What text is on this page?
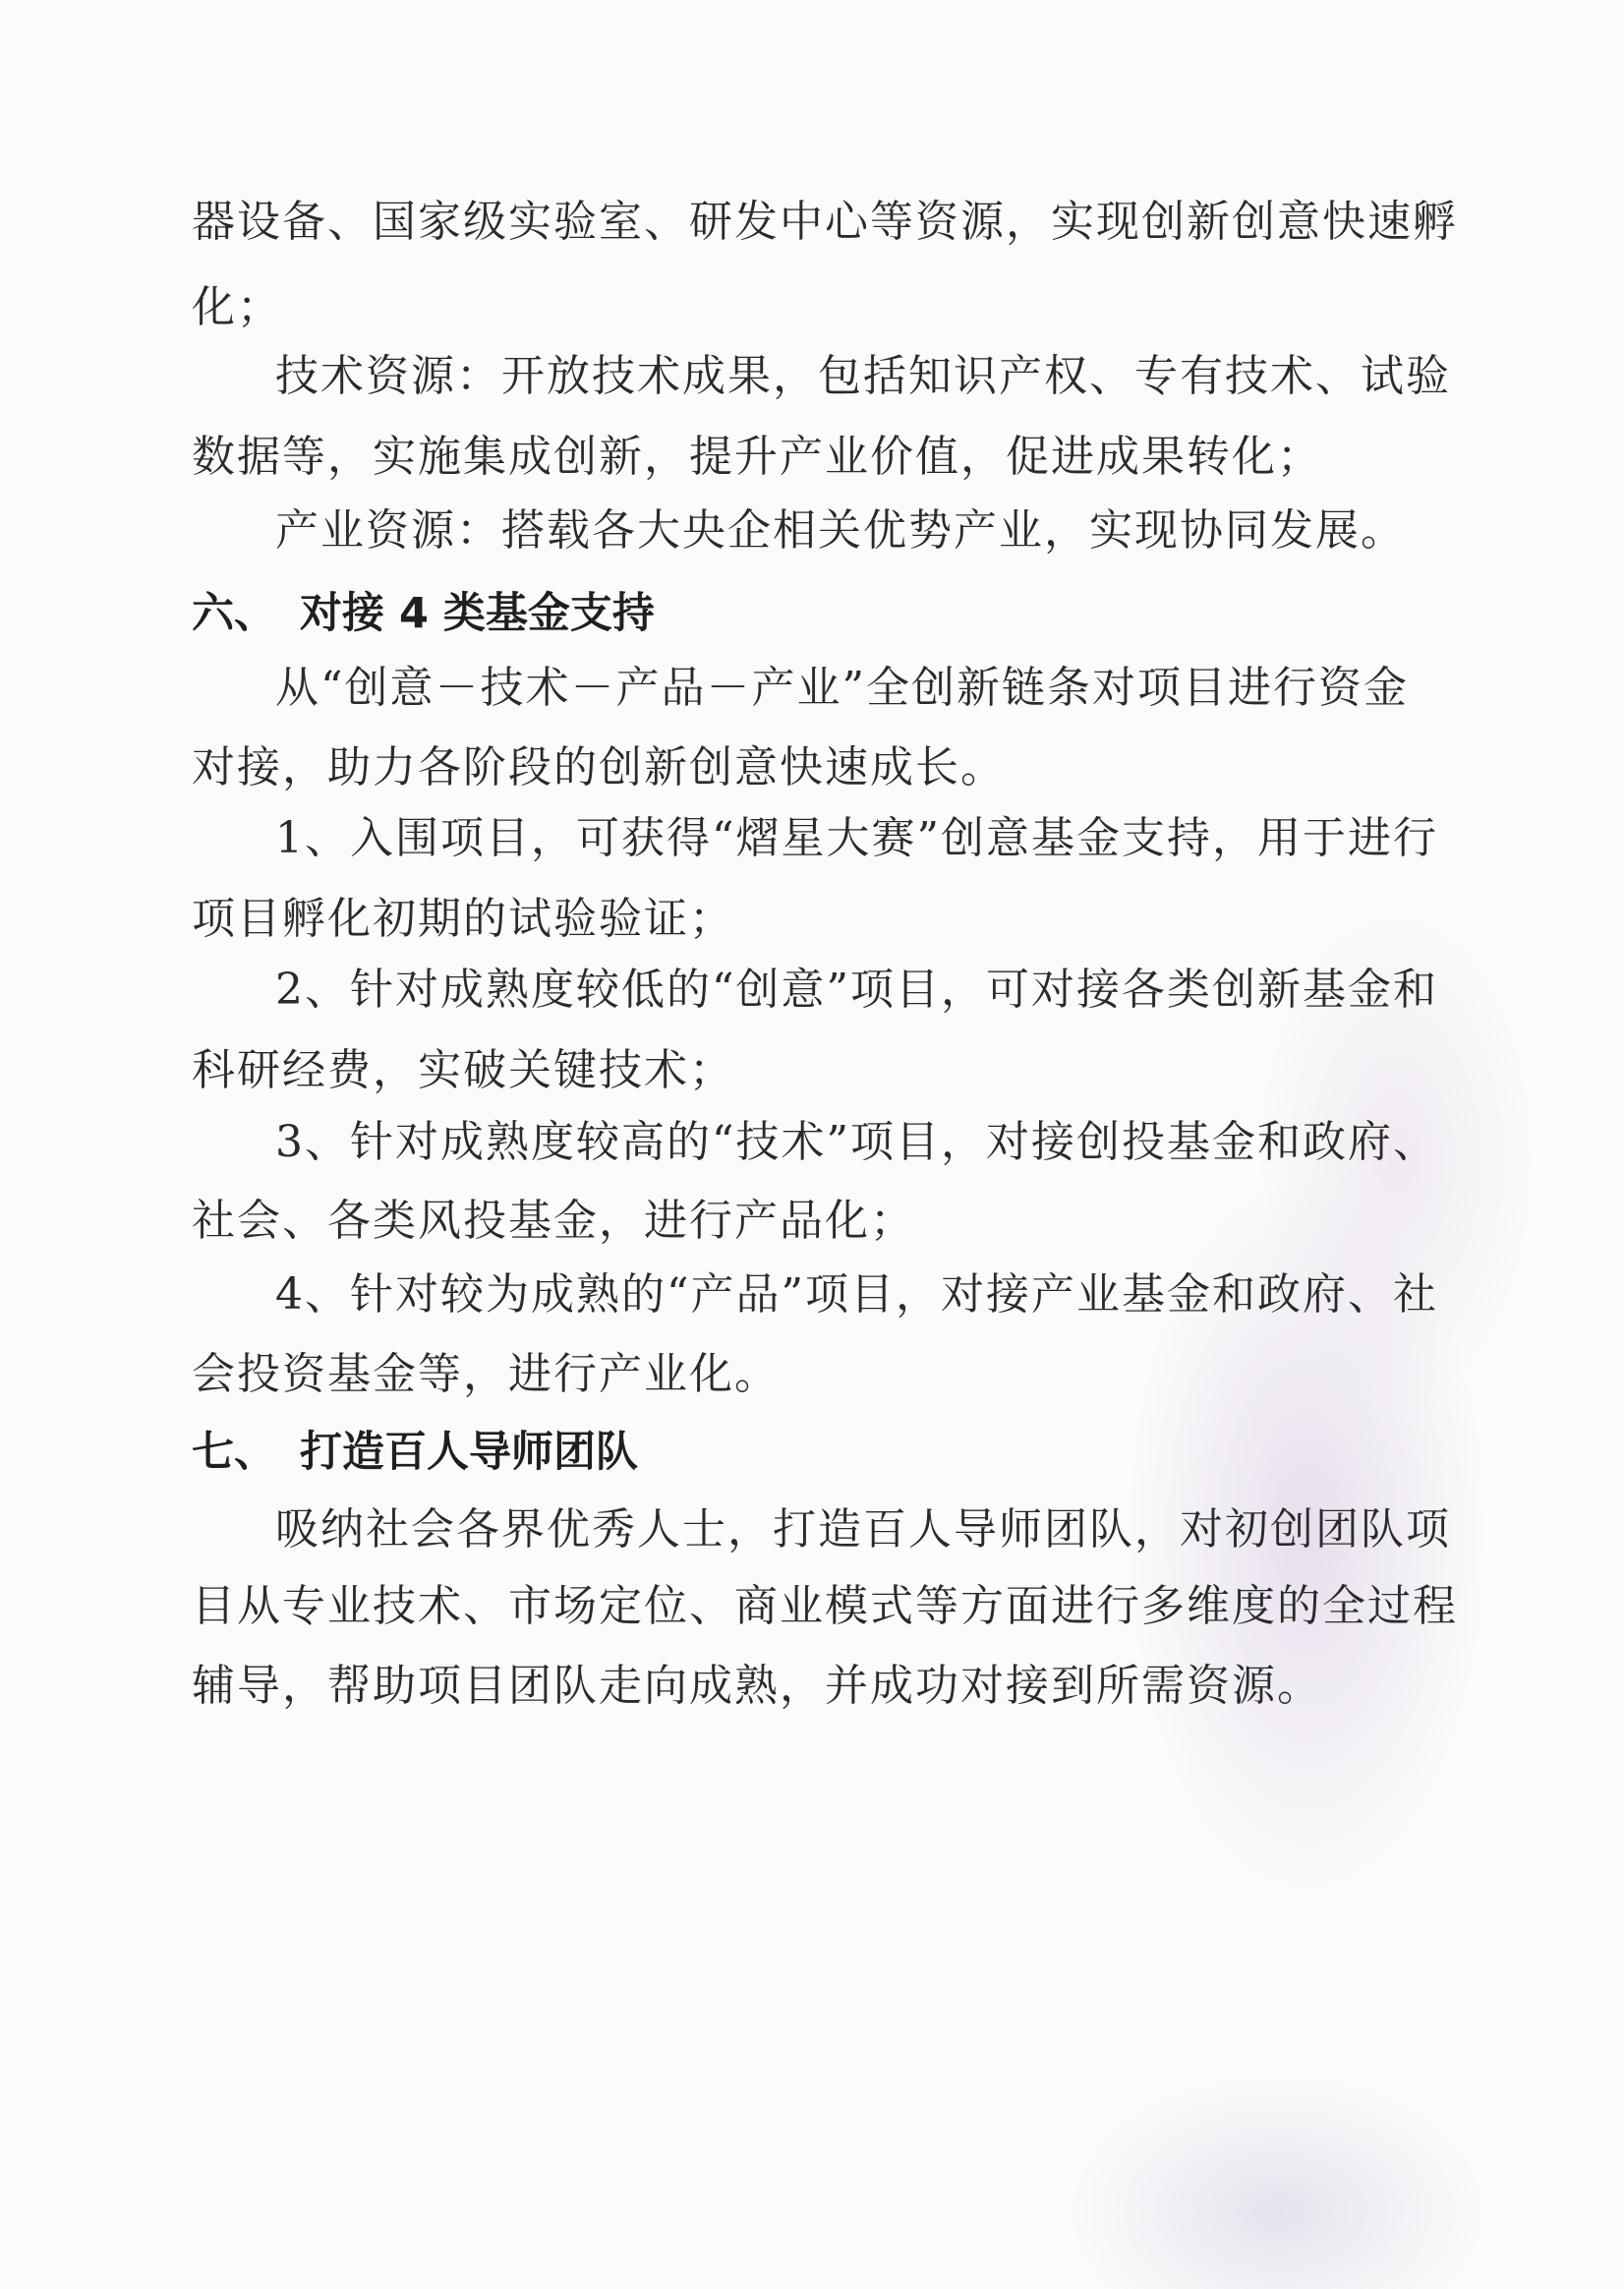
器设备、国家级实验室、研发中心等资源，实现创新创意快速孵
化；
技术资源：开放技术成果，包括知识产权、专有技术、试验
数据等，实施集成创新，提升产业价值，促进成果转化；
产业资源：搭载各大央企相关优势产业，实现协同发展。
六、 对接 4 类基金支持
从“创意－技术－产品－产业”全创新链条对项目进行资金
对接，助力各阶段的创新创意快速成长。
1、入围项目，可获得“熠星大赛”创意基金支持，用于进行
项目孵化初期的试验验证；
2、针对成熟度较低的“创意”项目，可对接各类创新基金和
科研经费，实破关键技术；
3、针对成熟度较高的“技术”项目，对接创投基金和政府、
社会、各类风投基金，进行产品化；
4、针对较为成熟的“产品”项目，对接产业基金和政府、社
会投资基金等，进行产业化。
七、 打造百人导师团队
吸纳社会各界优秀人士，打造百人导师团队，对初创团队项
目从专业技术、市场定位、商业模式等方面进行多维度的全过程
辅导，帮助项目团队走向成熟，并成功对接到所需资源。
